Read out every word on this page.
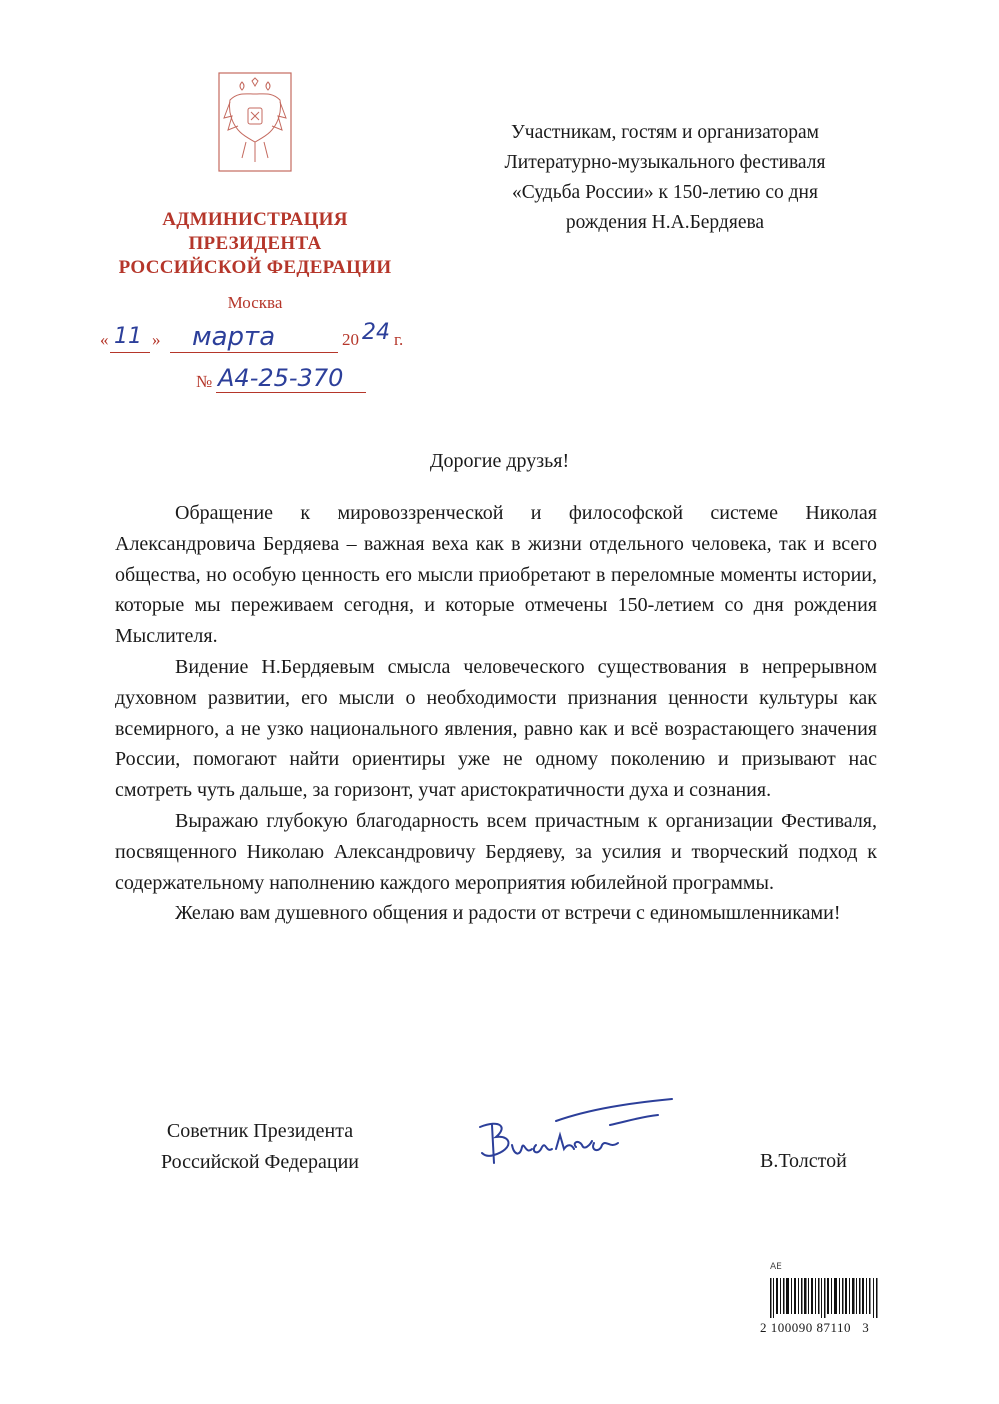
АДМИНИСТРАЦИЯ
ПРЕЗИДЕНТА
РОССИЙСКОЙ ФЕДЕРАЦИИ
Москва
« 11 » марта	20 24 г.
№ А4-25-370
Участникам, гостям и организаторам
Литературно-музыкального фестиваля
«Судьба России» к 150-летию со дня
рождения Н.А.Бердяева
Дорогие друзья!

Обращение к мировоззренческой и философской системе Николая Александровича Бердяева – важная веха как в жизни отдельного человека, так и всего общества, но особую ценность его мысли приобретают в переломные моменты истории, которые мы переживаем сегодня, и которые отмечены 150-летием со дня рождения Мыслителя.

Видение Н.Бердяевым смысла человеческого существования в непрерывном духовном развитии, его мысли о необходимости признания ценности культуры как всемирного, а не узко национального явления, равно как и всё возрастающего значения России, помогают найти ориентиры уже не одному поколению и призывают нас смотреть чуть дальше, за горизонт, учат аристократичности духа и сознания.

Выражаю глубокую благодарность всем причастным к организации Фестиваля, посвященного Николаю Александровичу Бердяеву, за усилия и творческий подход к содержательному наполнению каждого мероприятия юбилейной программы.

Желаю вам душевного общения и радости от встречи с единомышленниками!

Советник Президента
Российской Федерации	В.Толстой
АЕ
2 100090 87110   3
